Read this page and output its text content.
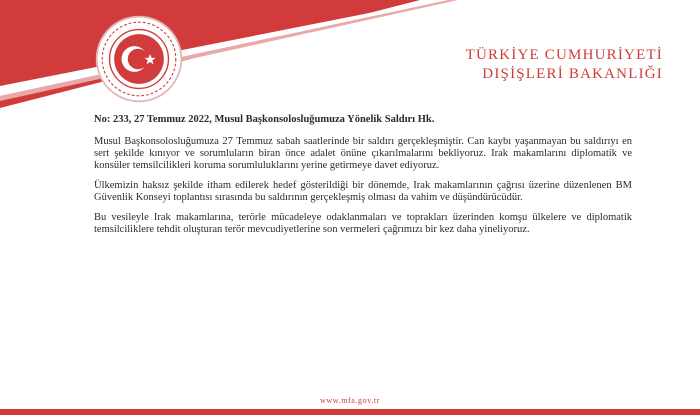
TÜRKİYE CUMHURİYETİ
DIŞİŞLERİ BAKANLIĞI
No: 233, 27 Temmuz 2022, Musul Başkonsolosluğumuza Yönelik Saldırı Hk.

Musul Başkonsolosluğumuza 27 Temmuz sabah saatlerinde bir saldırı gerçekleşmiştir. Can kaybı yaşanmayan bu saldırıyı en sert şekilde kınıyor ve sorumluların biran önce adalet önüne çıkarılmalarını bekliyoruz. Irak makamlarını diplomatik ve konsüler temsilcilikleri koruma sorumluluklarını yerine getirmeye davet ediyoruz.

Ülkemizin haksız şekilde itham edilerek hedef gösterildiği bir dönemde, Irak makamlarının çağrısı üzerine düzenlenen BM Güvenlik Konseyi toplantısı sırasında bu saldırının gerçekleşmiş olması da vahim ve düşündürücüdür.

Bu vesileyle Irak makamlarına, terörle mücadeleye odaklanmaları ve toprakları üzerinden komşu ülkelere ve diplomatik temsilciliklere tehdit oluşturan terör mevcudiyetlerine son vermeleri çağrımızı bir kez daha yineliyoruz.

www.mfa.gov.tr
